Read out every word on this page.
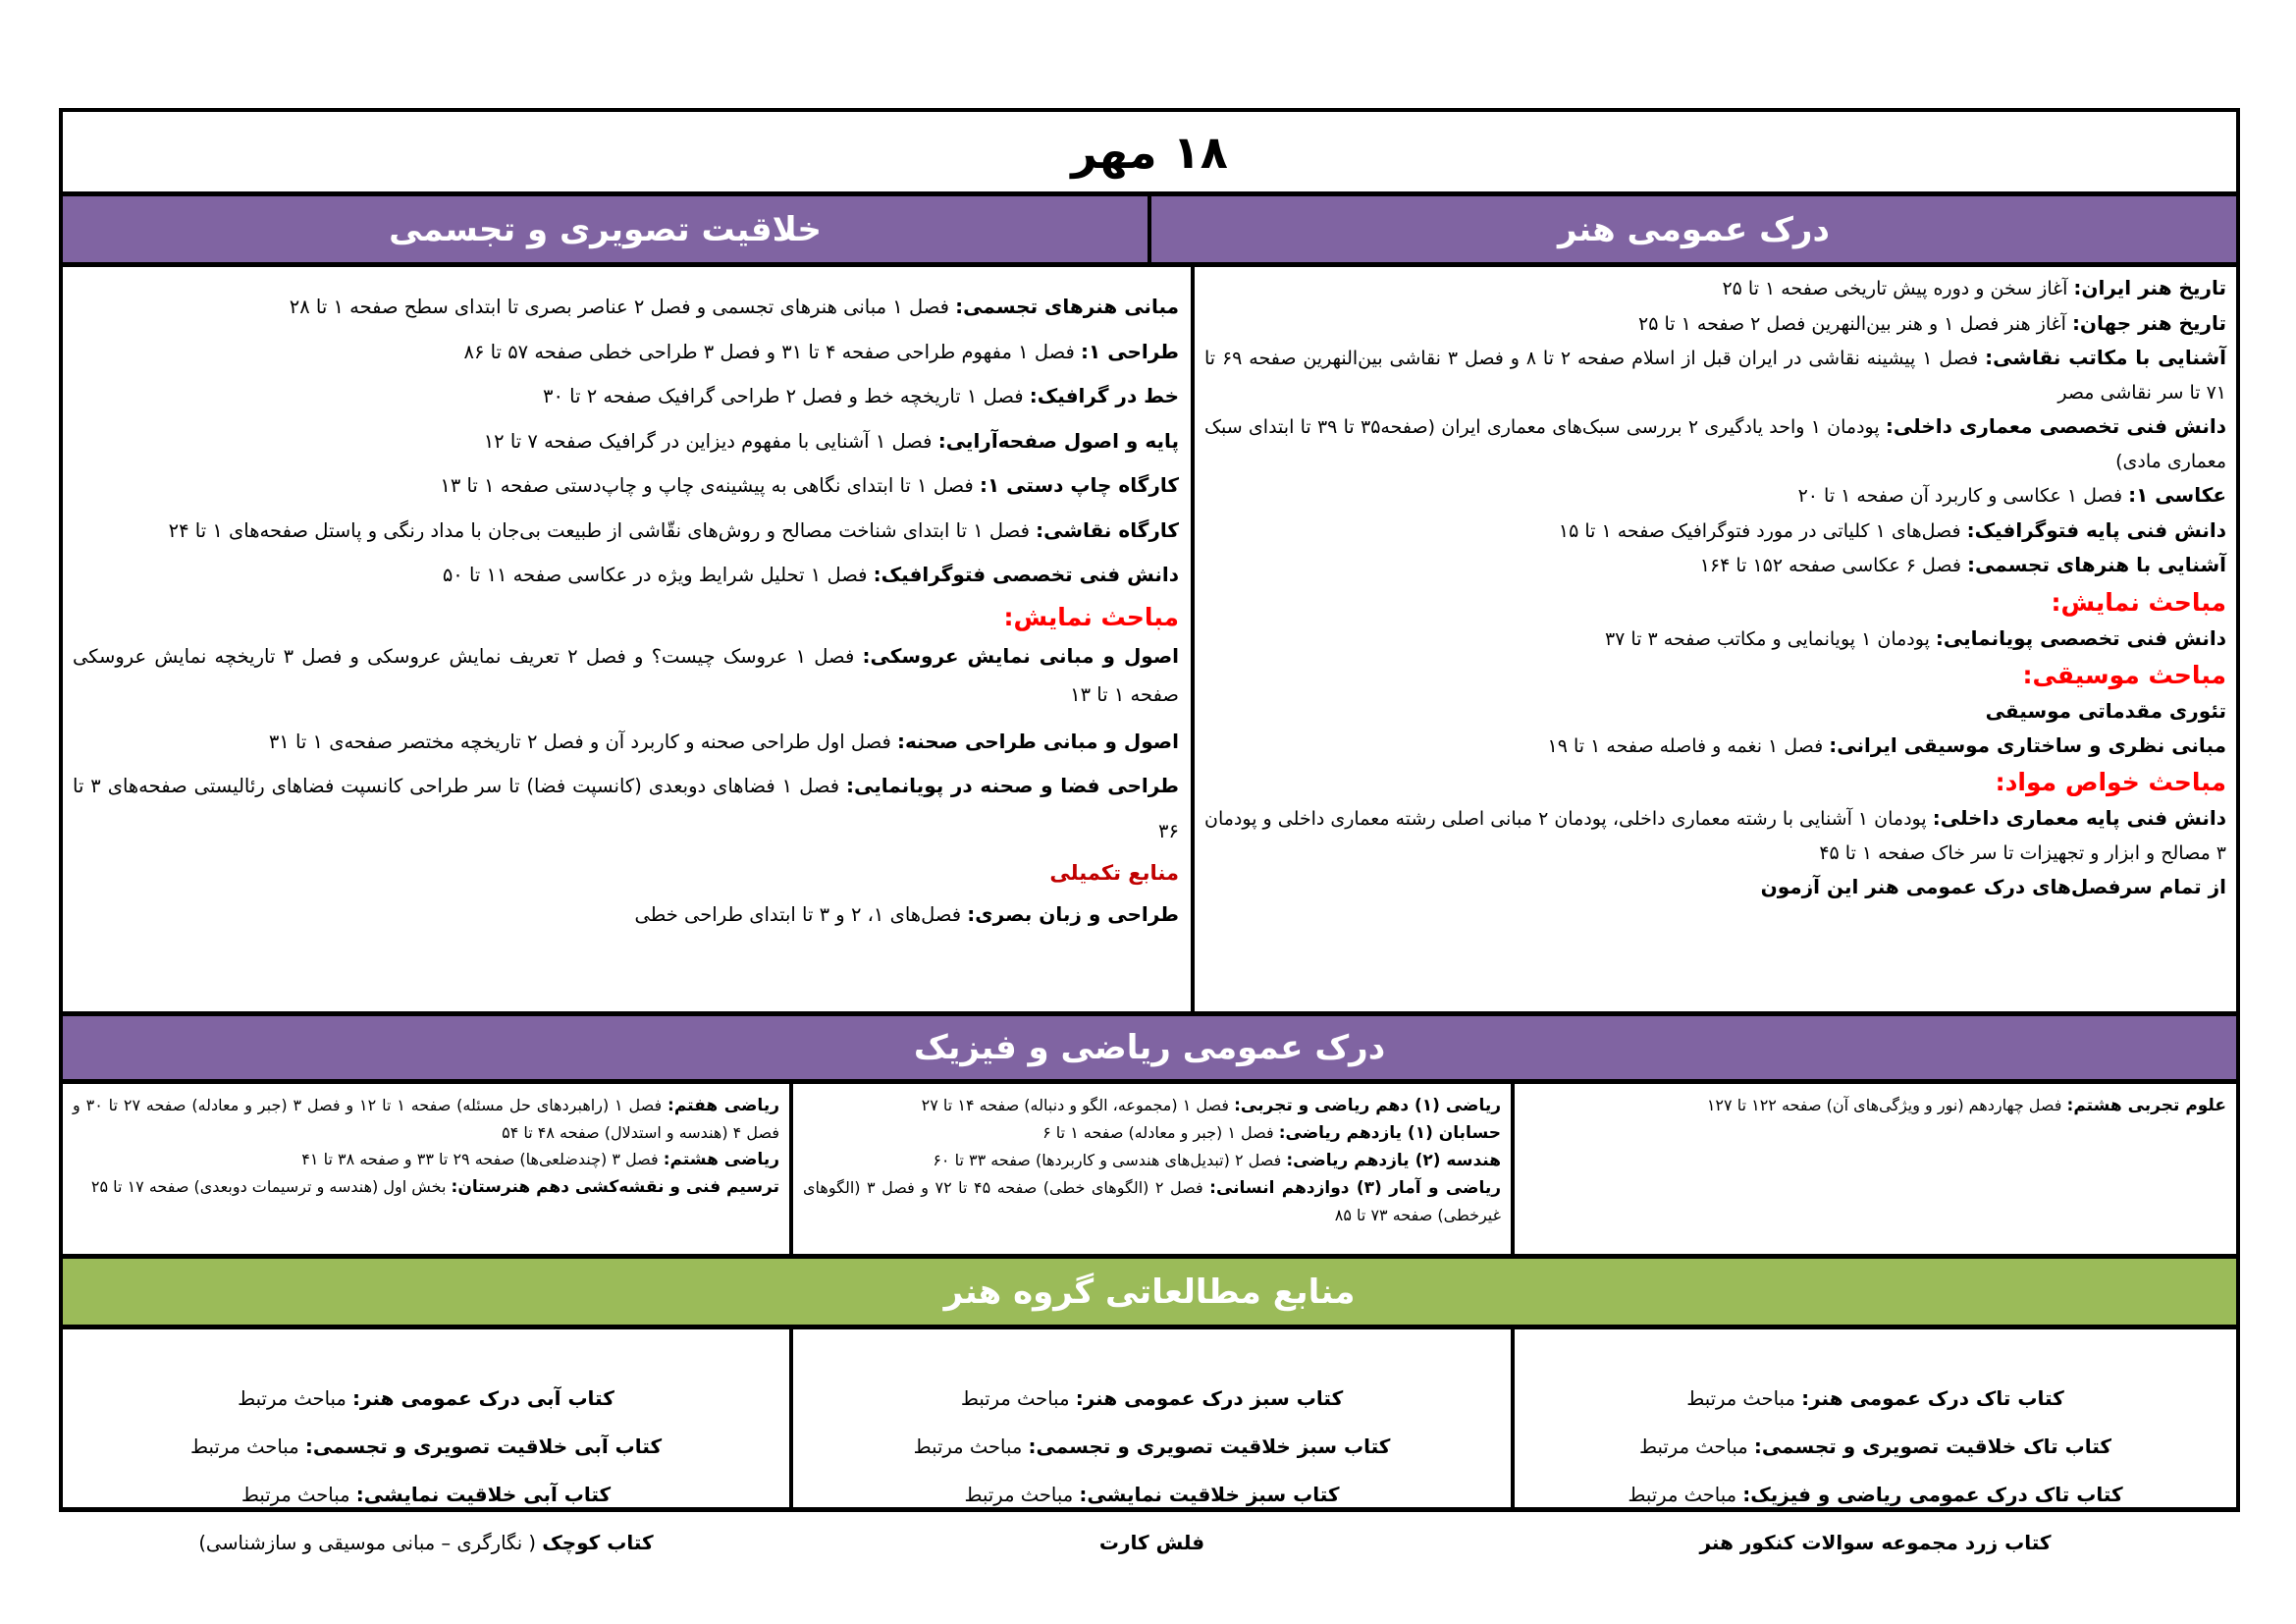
۱۸ مهر
درک عمومی هنر
خلاقیت تصویری و تجسمی
تاریخ هنر ایران: آغاز سخن و دوره پیش تاریخی صفحه ۱ تا ۲۵
تاریخ هنر جهان: آغاز هنر فصل ۱ و هنر بین‌النهرین فصل ۲ صفحه ۱ تا ۲۵
آشنایی با مکاتب نقاشی: فصل ۱ پیشینه نقاشی در ایران قبل از اسلام صفحه ۲ تا ۸ و فصل ۳ نقاشی بین‌النهرین صفحه ۶۹ تا ۷۱ تا سر نقاشی مصر
دانش فنی تخصصی معماری داخلی: پودمان ۱ واحد یادگیری ۲ بررسی سبک‌های معماری ایران (صفحه۳۵ تا ۳۹ تا ابتدای سبک معماری مادی)
عکاسی ۱: فصل ۱ عکاسی و کاربرد آن صفحه ۱ تا ۲۰
دانش فنی پایه فتوگرافیک: فصل‌های ۱ کلیاتی در مورد فتوگرافیک صفحه ۱ تا ۱۵
آشنایی با هنرهای تجسمی: فصل ۶ عکاسی صفحه ۱۵۲ تا ۱۶۴
مباحث نمایش:
دانش فنی تخصصی پویانمایی: پودمان ۱ پویانمایی و مکاتب صفحه ۳ تا ۳۷
مباحث موسیقی:
تئوری مقدماتی موسیقی
مبانی نظری و ساختاری موسیقی ایرانی: فصل ۱ نغمه و فاصله صفحه ۱ تا ۱۹
مباحث خواص مواد:
دانش فنی پایه معماری داخلی: پودمان ۱ آشنایی با رشته معماری داخلی، پودمان ۲ مبانی اصلی رشته معماری داخلی و پودمان ۳ مصالح و ابزار و تجهیزات تا سر خاک صفحه ۱ تا ۴۵
از تمام سرفصل‌های درک عمومی هنر این آزمون
مبانی هنرهای تجسمی: فصل ۱ مبانی هنرهای تجسمی و فصل ۲ عناصر بصری تا ابتدای سطح صفحه ۱ تا ۲۸
طراحی ۱: فصل ۱ مفهوم طراحی صفحه ۴ تا ۳۱ و فصل ۳ طراحی خطی صفحه ۵۷ تا ۸۶
خط در گرافیک: فصل ۱ تاریخچه خط و فصل ۲ طراحی گرافیک صفحه ۲ تا ۳۰
پایه و اصول صفحه‌آرایی: فصل ۱ آشنایی با مفهوم دیزاین در گرافیک صفحه ۷ تا ۱۲
کارگاه چاپ دستی ۱: فصل ۱ تا ابتدای نگاهی به پیشینه‌ی چاپ و چاپ‌دستی صفحه ۱ تا ۱۳
کارگاه نقاشی: فصل ۱ تا ابتدای شناخت مصالح و روش‌های نقّاشی از طبیعت بی‌جان با مداد رنگی و پاستل صفحه‌های ۱ تا ۲۴
دانش فنی تخصصی فتوگرافیک: فصل ۱ تحلیل شرایط ویژه در عکاسی صفحه ۱۱ تا ۵۰
مباحث نمایش:
اصول و مبانی نمایش عروسکی: فصل ۱ عروسک چیست؟ و فصل ۲ تعریف نمایش عروسکی و فصل ۳ تاریخچه نمایش عروسکی صفحه ۱ تا ۱۳
اصول و مبانی طراحی صحنه: فصل اول طراحی صحنه و کاربرد آن و فصل ۲ تاریخچه مختصر صفحه‌ی ۱ تا ۳۱
طراحی فضا و صحنه در پویانمایی: فصل ۱ فضاهای دوبعدی (کانسپت فضا) تا سر طراحی کانسپت فضاهای رئالیستی صفحه‌های ۳ تا ۳۶
منابع تکمیلی
طراحی و زبان بصری: فصل‌های ۱، ۲ و ۳ تا ابتدای طراحی خطی
درک عمومی ریاضی و فیزیک
علوم تجربی هشتم: فصل چهاردهم (نور و ویژگی‌های آن) صفحه ۱۲۲ تا ۱۲۷
ریاضی (۱) دهم ریاضی و تجربی: فصل ۱ (مجموعه، الگو و دنباله) صفحه ۱۴ تا ۲۷
حسابان (۱) یازدهم ریاضی: فصل ۱ (جبر و معادله) صفحه ۱ تا ۶
هندسه (۲) یازدهم ریاضی: فصل ۲ (تبدیل‌های هندسی و کاربردها) صفحه ۳۳ تا ۶۰
ریاضی و آمار (۳) دوازدهم انسانی: فصل ۲ (الگوهای خطی) صفحه ۴۵ تا ۷۲ و فصل ۳ (الگوهای غیرخطی) صفحه ۷۳ تا ۸۵
ریاضی هفتم: فصل ۱ (راهبردهای حل مسئله) صفحه ۱ تا ۱۲ و فصل ۳ (جبر و معادله) صفحه ۲۷ تا ۳۰ و فصل ۴ (هندسه و استدلال) صفحه ۴۸ تا ۵۴
ریاضی هشتم: فصل ۳ (چندضلعی‌ها) صفحه ۲۹ تا ۳۳ و صفحه ۳۸ تا ۴۱
ترسیم فنی و نقشه‌کشی دهم هنرستان: بخش اول (هندسه و ترسیمات دوبعدی) صفحه ۱۷ تا ۲۵
منابع مطالعاتی گروه هنر
کتاب تاک درک عمومی هنر: مباحث مرتبط
کتاب تاک خلاقیت تصویری و تجسمی: مباحث مرتبط
کتاب تاک درک عمومی ریاضی و فیزیک: مباحث مرتبط
کتاب زرد مجموعه سوالات کنکور هنر
کتاب سبز درک عمومی هنر: مباحث مرتبط
کتاب سبز خلاقیت تصویری و تجسمی: مباحث مرتبط
کتاب سبز خلاقیت نمایشی: مباحث مرتبط
فلش کارت
کتاب آبی درک عمومی هنر: مباحث مرتبط
کتاب آبی خلاقیت تصویری و تجسمی: مباحث مرتبط
کتاب آبی خلاقیت نمایشی: مباحث مرتبط
کتاب کوچک ( نگارگری – مبانی موسیقی و سازشناسی)
